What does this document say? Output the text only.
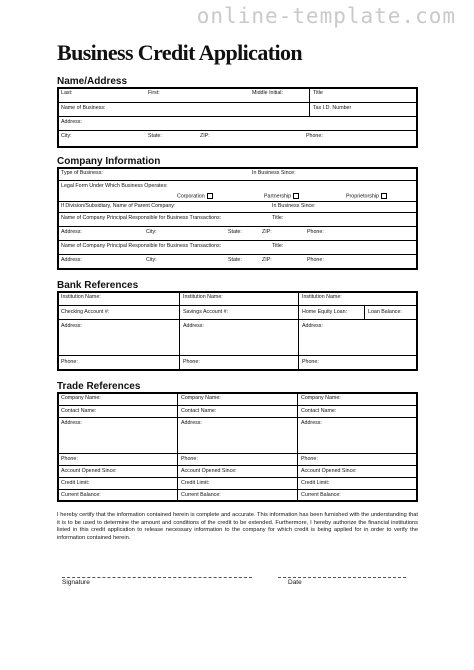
online-template.com
Business Credit Application
Name/Address
Last:	First:	Middle Initial:	Title
Name of Business:	Tax I.D. Number
Address:
City:	State:	ZIP:	Phone:
Company Information
Type of Business:	In Business Since:
Legal Form Under Which Business Operates:
Corporation	Partnership	Proprietorship
If Division/Subsidiary, Name of Parent Company:	In Business Since:
Name of Company Principal Responsible for Business Transactions:	Title:
Address:	City:	State:	ZIP:	Phone:
Name of Company Principal Responsible for Business Transactions:	Title:
Address:	City:	State:	ZIP:	Phone:
Bank References
Institution Name:	Institution Name:	Institution Name:
Checking Account #:	Savings Account #:	Home Equity Loan:	Loan Balance:
Address:	Address:	Address:
Phone:	Phone:	Phone:
Trade References
Company Name:	Company Name:	Company Name:
Contact Name:	Contact Name:	Contact Name:
Address:	Address:	Address:
Phone:	Phone:	Phone:
Account Opened Since:	Account Opened Since:	Account Opened Since:
Credit Limit:	Credit Limit:	Credit Limit:
Current Balance:	Current Balance:	Current Balance:
I hereby certify that the information contained herein is complete and accurate. This information has been furnished with the understanding that it is to be used to determine the amount and conditions of the credit to be extended. Furthermore, I hereby authorize the financial institutions listed in this credit application to release necessary information to the company for which credit is being applied for in order to verify the information contained herein.
Signature	Date
